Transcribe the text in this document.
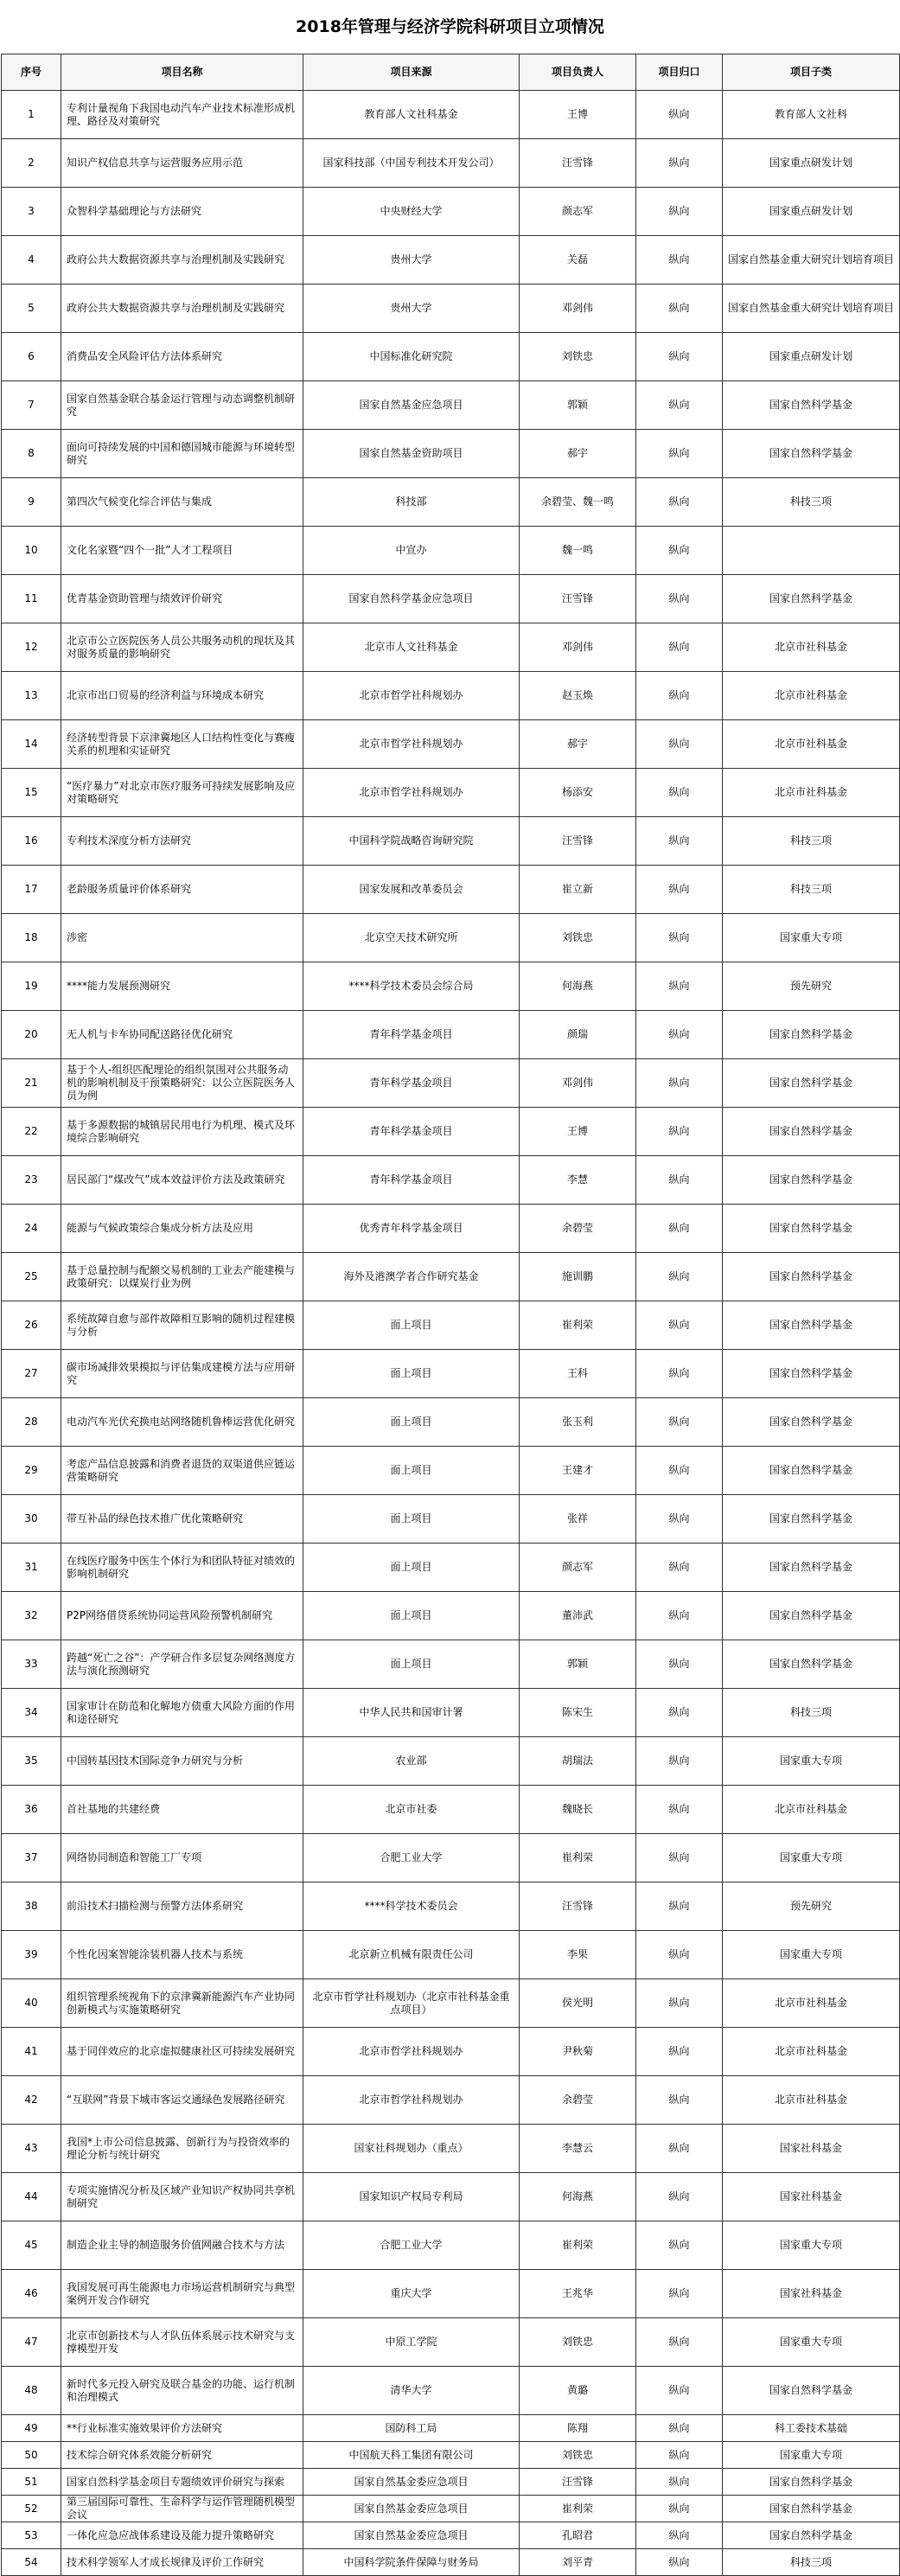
2018年管理与经济学院科研项目立项情况
序号	项目名称	项目来源	项目负责人	项目归口	项目子类
1	专利计量视角下我国电动汽车产业技术标准形成机理、路径及对策研究	教育部人文社科基金	王博	纵向	教育部人文社科
2	知识产权信息共享与运营服务应用示范	国家科技部（中国专利技术开发公司）	汪雪锋	纵向	国家重点研发计划
3	众智科学基础理论与方法研究	中央财经大学	颜志军	纵向	国家重点研发计划
4	政府公共大数据资源共享与治理机制及实践研究	贵州大学	关磊	纵向	国家自然基金重大研究计划培育项目
5	政府公共大数据资源共享与治理机制及实践研究	贵州大学	邓剑伟	纵向	国家自然基金重大研究计划培育项目
6	消费品安全风险评估方法体系研究	中国标准化研究院	刘铁忠	纵向	国家重点研发计划
7	国家自然基金联合基金运行管理与动态调整机制研究	国家自然基金应急项目	郭颖	纵向	国家自然科学基金
8	面向可持续发展的中国和德国城市能源与环境转型研究	国家自然基金资助项目	郝宇	纵向	国家自然科学基金
9	第四次气候变化综合评估与集成	科技部	余碧莹、魏一鸣	纵向	科技三项
10	文化名家暨“四个一批”人才工程项目	中宣办	魏一鸣	纵向	
11	优青基金资助管理与绩效评价研究	国家自然科学基金应急项目	汪雪锋	纵向	国家自然科学基金
12	北京市公立医院医务人员公共服务动机的现状及其对服务质量的影响研究	北京市人文社科基金	邓剑伟	纵向	北京市社科基金
13	北京市出口贸易的经济利益与环境成本研究	北京市哲学社科规划办	赵玉焕	纵向	北京市社科基金
14	经济转型背景下京津冀地区人口结构性变化与赛瘦关系的机理和实证研究	北京市哲学社科规划办	郝宇	纵向	北京市社科基金
15	“医疗暴力”对北京市医疗服务可持续发展影响及应对策略研究	北京市哲学社科规划办	杨添安	纵向	北京市社科基金
16	专利技术深度分析方法研究	中国科学院战略咨询研究院	汪雪锋	纵向	科技三项
17	老龄服务质量评价体系研究	国家发展和改革委员会	崔立新	纵向	科技三项
18	涉密	北京空天技术研究所	刘铁忠	纵向	国家重大专项
19	****能力发展预测研究	****科学技术委员会综合局	何海燕	纵向	预先研究
20	无人机与卡车协同配送路径优化研究	青年科学基金项目	颜瑞	纵向	国家自然科学基金
21	基于个人-组织匹配理论的组织氛围对公共服务动机的影响机制及干预策略研究：以公立医院医务人员为例	青年科学基金项目	邓剑伟	纵向	国家自然科学基金
22	基于多源数据的城镇居民用电行为机理、模式及环境综合影响研究	青年科学基金项目	王博	纵向	国家自然科学基金
23	居民部门“煤改气”成本效益评价方法及政策研究	青年科学基金项目	李慧	纵向	国家自然科学基金
24	能源与气候政策综合集成分析方法及应用	优秀青年科学基金项目	余碧莹	纵向	国家自然科学基金
25	基于总量控制与配额交易机制的工业去产能建模与政策研究：以煤炭行业为例	海外及港澳学者合作研究基金	施训鹏	纵向	国家自然科学基金
26	系统故障自愈与部件故障相互影响的随机过程建模与分析	面上项目	崔利荣	纵向	国家自然科学基金
27	碳市场减排效果模拟与评估集成建模方法与应用研究	面上项目	王科	纵向	国家自然科学基金
28	电动汽车光伏充换电站网络随机鲁棒运营优化研究	面上项目	张玉利	纵向	国家自然科学基金
29	考虑产品信息披露和消费者退货的双渠道供应链运营策略研究	面上项目	王建才	纵向	国家自然科学基金
30	带互补品的绿色技术推广优化策略研究	面上项目	张祥	纵向	国家自然科学基金
31	在线医疗服务中医生个体行为和团队特征对绩效的影响机制研究	面上项目	颜志军	纵向	国家自然科学基金
32	P2P网络借贷系统协同运营风险预警机制研究	面上项目	董沛武	纵向	国家自然科学基金
33	跨越“死亡之谷”：产学研合作多层复杂网络测度方法与演化预测研究	面上项目	郭颖	纵向	国家自然科学基金
34	国家审计在防范和化解地方债重大风险方面的作用和途径研究	中华人民共和国审计署	陈宋生	纵向	科技三项
35	中国转基因技术国际竞争力研究与分析	农业部	胡瑞法	纵向	国家重大专项
36	首社基地的共建经费	北京市社委	魏晓长	纵向	北京市社科基金
37	网络协同制造和智能工厂专项	合肥工业大学	崔利荣	纵向	国家重大专项
38	前沿技术扫描检测与预警方法体系研究	****科学技术委员会	汪雪锋	纵向	预先研究
39	个性化因案智能涂装机器人技术与系统	北京新立机械有限责任公司	李果	纵向	国家重大专项
40	组织管理系统视角下的京津冀新能源汽车产业协同创新模式与实施策略研究	北京市哲学社科规划办（北京市社科基金重点项目）	侯光明	纵向	北京市社科基金
41	基于同伴效应的北京虚拟健康社区可持续发展研究	北京市哲学社科规划办	尹秋菊	纵向	北京市社科基金
42	“互联网”背景下城市客运交通绿色发展路径研究	北京市哲学社科规划办	余碧莹	纵向	北京市社科基金
43	我国*上市公司信息披露、创新行为与投资效率的理论分析与统计研究	国家社科规划办（重点）	李慧云	纵向	国家社科基金
44	专项实施情况分析及区域产业知识产权协同共享机制研究	国家知识产权局专利局	何海燕	纵向	国家社科基金
45	制造企业主导的制造服务价值网融合技术与方法	合肥工业大学	崔利荣	纵向	国家重大专项
46	我国发展可再生能源电力市场运营机制研究与典型案例开发合作研究	重庆大学	王兆华	纵向	国家社科基金
47	北京市创新技术与人才队伍体系展示技术研究与支撑模型开发	中原工学院	刘铁忠	纵向	国家重大专项
48	新时代多元投入研究及联合基金的功能、运行机制和治理模式	清华大学	黄璐	纵向	国家自然科学基金
49	**行业标准实施效果评价方法研究	国防科工局	陈翔	纵向	科工委技术基础
50	技术综合研究体系效能分析研究	中国航天科工集团有限公司	刘铁忠	纵向	国家重大专项
51	国家自然科学基金项目专题绩效评价研究与探索	国家自然基金委应急项目	汪雪锋	纵向	国家自然科学基金
52	第三届国际可靠性、生命科学与运作管理随机模型会议	国家自然基金委应急项目	崔利荣	纵向	国家自然科学基金
53	一体化应急应战体系建设及能力提升策略研究	国家自然基金委应急项目	孔昭君	纵向	国家自然科学基金
54	技术科学领军人才成长规律及评价工作研究	中国科学院条件保障与财务局	刘平青	纵向	科技三项
